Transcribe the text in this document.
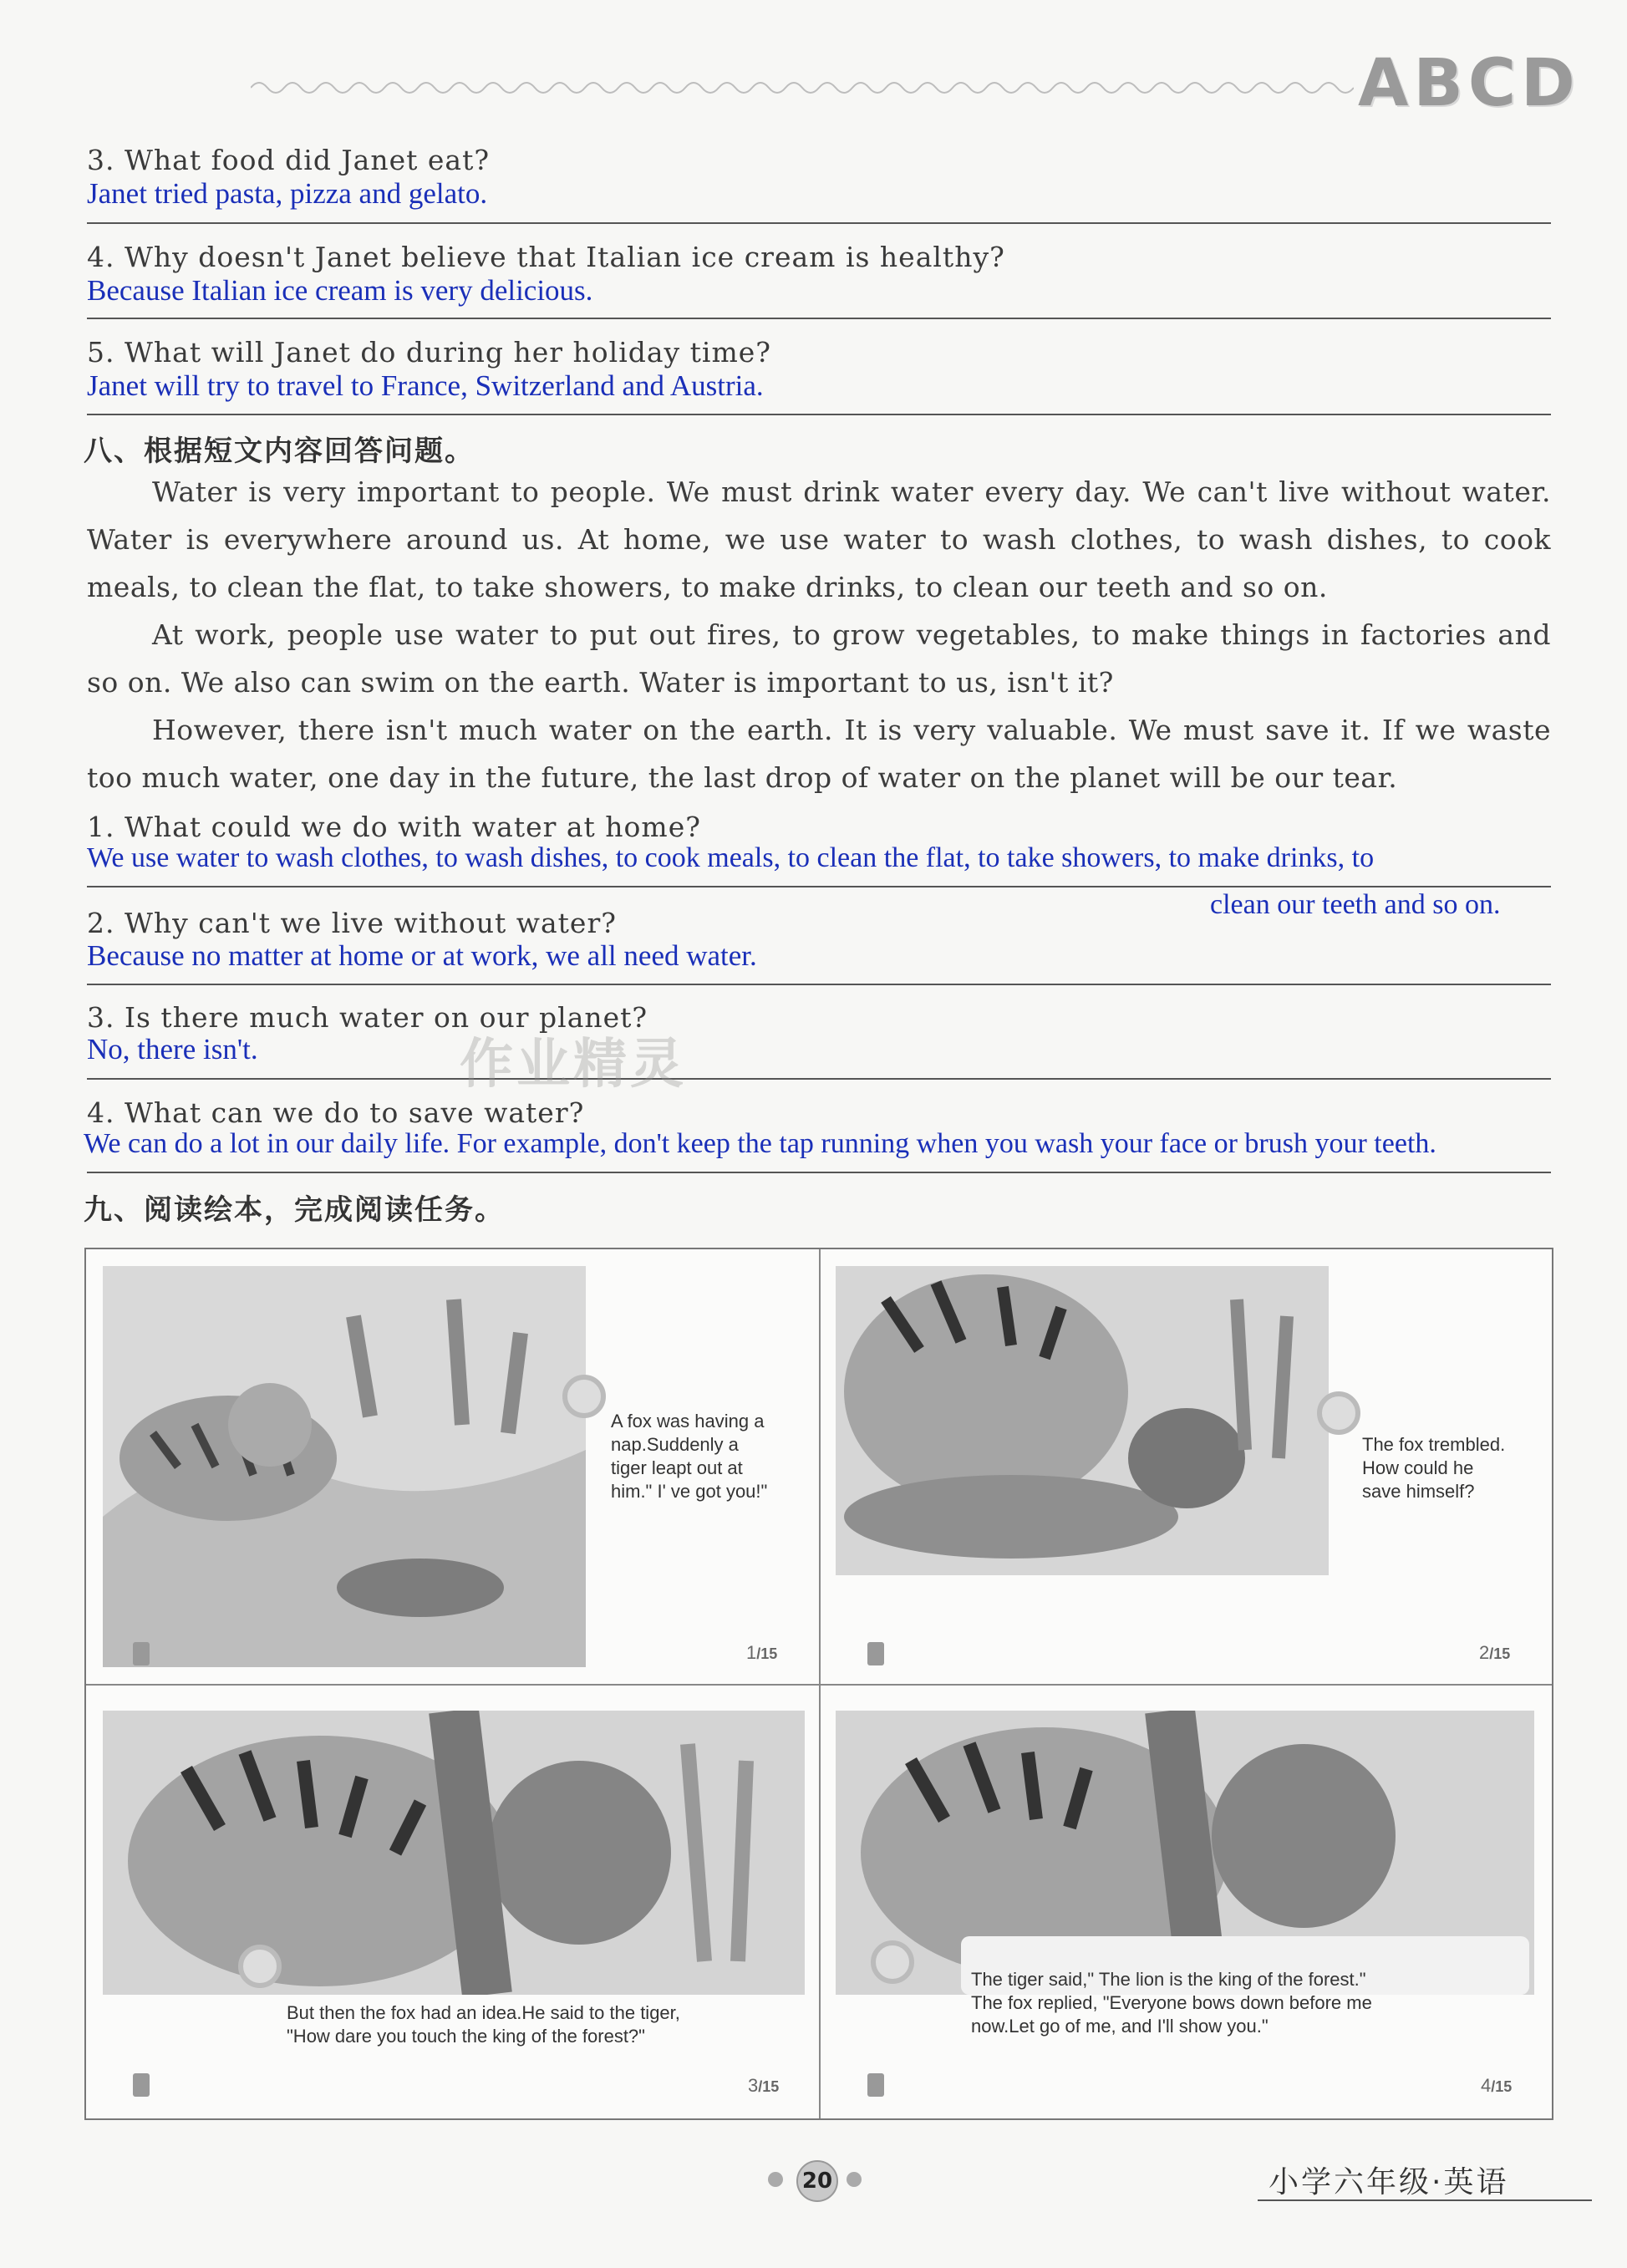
ABCD
3. What food did Janet eat?
Janet tried pasta, pizza and gelato.
4. Why doesn't Janet believe that Italian ice cream is healthy?
Because Italian ice cream is very delicious.
5. What will Janet do during her holiday time?
Janet will try to travel to France, Switzerland and Austria.
八、根据短文内容回答问题。

Water is very important to people. We must drink water every day. We can't live without water. Water is everywhere around us. At home, we use water to wash clothes, to wash dishes, to cook meals, to clean the flat, to take showers, to make drinks, to clean our teeth and so on.

At work, people use water to put out fires, to grow vegetables, to make things in factories and so on. We also can swim on the earth. Water is important to us, isn't it?

However, there isn't much water on the earth. It is very valuable. We must save it. If we waste too much water, one day in the future, the last drop of water on the planet will be our tear.

1. What could we do with water at home?
We use water to wash clothes, to wash dishes, to cook meals, to clean the flat, to take showers, to make drinks, to
clean our teeth and so on.
2. Why can't we live without water?
Because no matter at home or at work, we all need water.
3. Is there much water on our planet?
No, there isn't.	作业精灵
4. What can we do to save water?
We can do a lot in our daily life. For example, don't keep the tap running when you wash your face or brush your teeth.
九、阅读绘本，完成阅读任务。
A fox was having a
nap.Suddenly a
tiger leapt out at
him." I' ve got you!"
1/15
The fox trembled.
How could he
save himself?
2/15
But then the fox had an idea.He said to the tiger,
"How dare you touch the king of the forest?"
3/15
The tiger said," The lion is the king of the forest."
The fox replied, "Everyone bows down before me
now.Let go of me, and I'll show you."
4/15
20	小学六年级·英语
